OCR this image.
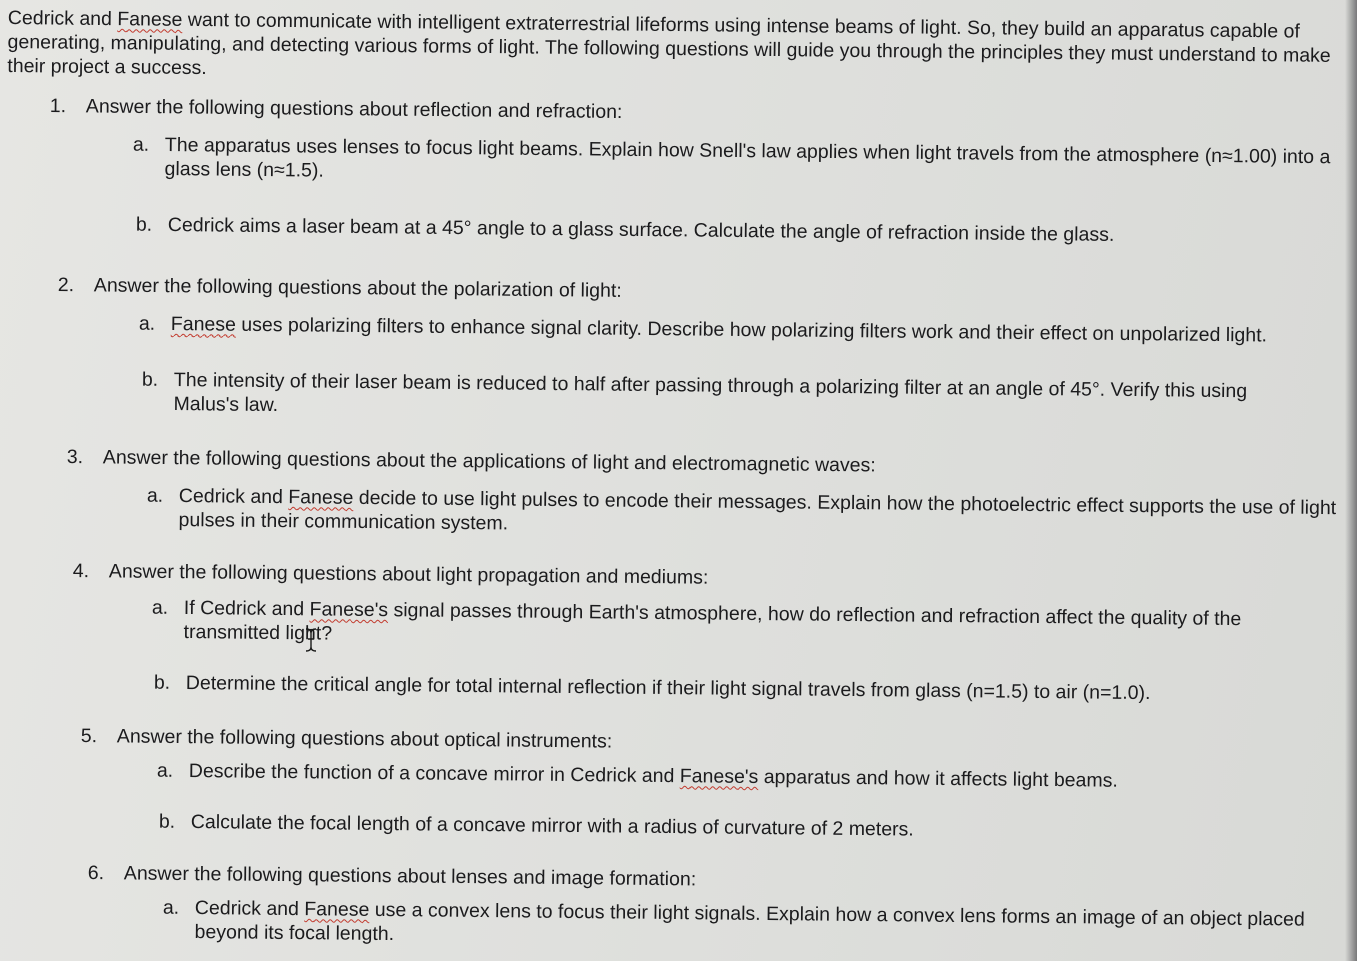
Cedrick and Fanese want to communicate with intelligent extraterrestrial lifeforms using intense beams of light. So, they build an apparatus capable of generating, manipulating, and detecting various forms of light. The following questions will guide you through the principles they must understand to make their project a success.

1. Answer the following questions about reflection and refraction:
a. The apparatus uses lenses to focus light beams. Explain how Snell's law applies when light travels from the atmosphere (n≈1.00) into a glass lens (n≈1.5).
b. Cedrick aims a laser beam at a 45° angle to a glass surface. Calculate the angle of refraction inside the glass.
2. Answer the following questions about the polarization of light:
a. Fanese uses polarizing filters to enhance signal clarity. Describe how polarizing filters work and their effect on unpolarized light.
b. The intensity of their laser beam is reduced to half after passing through a polarizing filter at an angle of 45°. Verify this using Malus's law.
3. Answer the following questions about the applications of light and electromagnetic waves:
a. Cedrick and Fanese decide to use light pulses to encode their messages. Explain how the photoelectric effect supports the use of light pulses in their communication system.
4. Answer the following questions about light propagation and mediums:
a. If Cedrick and Fanese's signal passes through Earth's atmosphere, how do reflection and refraction affect the quality of the transmitted light?
b. Determine the critical angle for total internal reflection if their light signal travels from glass (n=1.5) to air (n=1.0).
5. Answer the following questions about optical instruments:
a. Describe the function of a concave mirror in Cedrick and Fanese's apparatus and how it affects light beams.
b. Calculate the focal length of a concave mirror with a radius of curvature of 2 meters.
6. Answer the following questions about lenses and image formation:
a. Cedrick and Fanese use a convex lens to focus their light signals. Explain how a convex lens forms an image of an object placed beyond its focal length.
